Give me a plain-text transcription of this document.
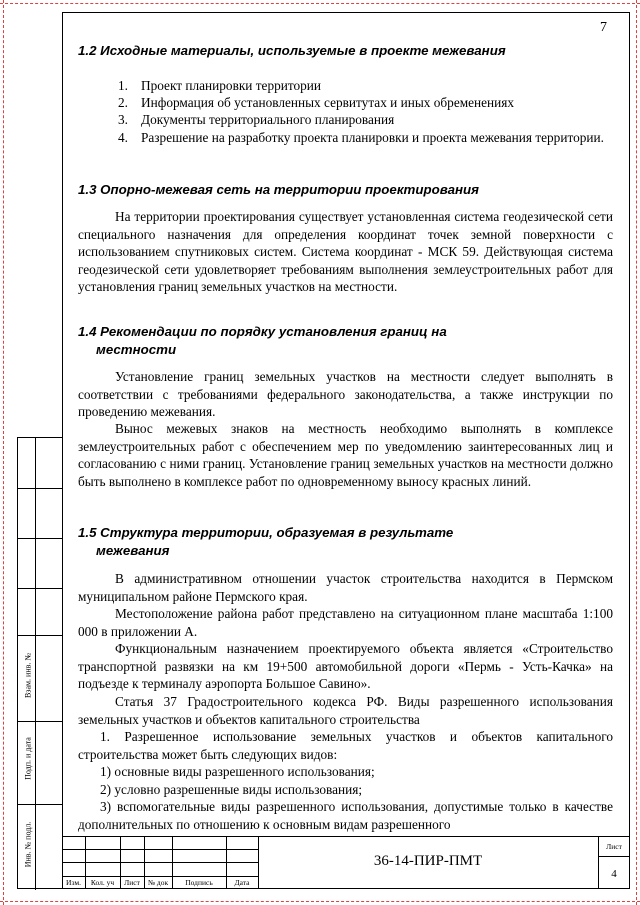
Взам. инв. №
Подп. и дата
Инв. № подл.
7
1.2 Исходные материалы, используемые в проекте межевания
1. Проект планировки территории
2. Информация об установленных сервитутах и иных обременениях
3. Документы территориального планирования
4. Разрешение на разработку проекта планировки и проекта межевания территории.
1.3 Опорно-межевая сеть на территории проектирования

На территории проектирования существует установленная система геодезической сети специального назначения для определения координат точек земной поверхности с использованием спутниковых систем. Система координат - МСК 59. Действующая система геодезической сети удовлетворяет требованиям выполнения землеустроительных работ для установления границ земельных участков на местности.

1.4 Рекомендации по порядку установления границ на
местности

Установление границ земельных участков на местности следует выполнять в соответствии с требованиями федерального законодательства, а также инструкции по проведению межевания.

Вынос межевых знаков на местность необходимо выполнять в комплексе землеустроительных работ с обеспечением мер по уведомлению заинтересованных лиц и согласованию с ними границ. Установление границ земельных участков на местности должно быть выполнено в комплексе работ по одновременному выносу красных линий.

1.5 Структура территории, образуемая в результате
межевания

В административном отношении участок строительства находится в Пермском муниципальном районе Пермского края.

Местоположение района работ представлено на ситуационном плане масштаба 1:100 000 в приложении А.

Функциональным назначением проектируемого объекта является «Строительство транспортной развязки на км 19+500 автомобильной дороги «Пермь - Усть-Качка» на подъезде к терминалу аэропорта Большое Савино».

Статья 37 Градостроительного кодекса РФ. Виды разрешенного использования земельных участков и объектов капитального строительства

1. Разрешенное использование земельных участков и объектов капитального строительства может быть следующих видов:

1) основные виды разрешенного использования;

2) условно разрешенные виды использования;

3) вспомогательные виды разрешенного использования, допустимые только в качестве дополнительных по отношению к основным видам разрешенного

Изм.	Кол. уч	Лист	№ док	Подпись	Дата
36-14-ПИР-ПМТ
Лист
4
